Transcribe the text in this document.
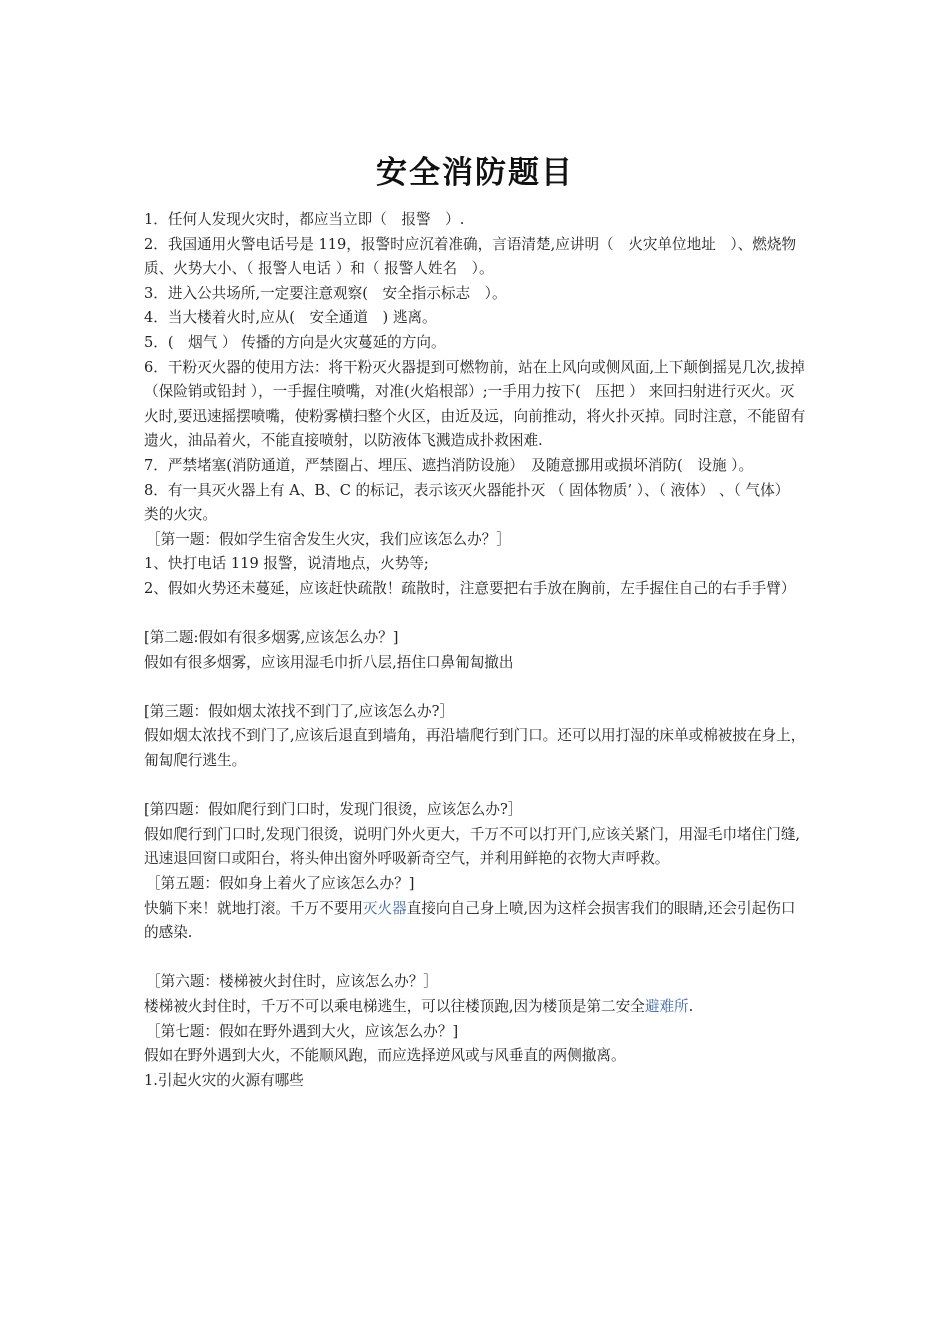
安全消防题目

1．任何人发现火灾时，都应当立即（　报警　）.

2．我国通用火警电话号是 119，报警时应沉着准确，言语清楚,应讲明（　火灾单位地址　）、燃烧物质、火势大小、（ 报警人电话 ）和（ 报警人姓名　）。

3．进入公共场所,一定要注意观察(　安全指示标志　）。

4．当大楼着火时,应从(　安全通道　) 逃离。

5．(　烟气 ） 传播的方向是火灾蔓延的方向。

6．干粉灭火器的使用方法：将干粉灭火器提到可燃物前，站在上风向或侧风面,上下颠倒摇晃几次,拔掉（保险销或铅封 ），一手握住喷嘴，对准(火焰根部）;一手用力按下(　压把 ） 来回扫射进行灭火。灭火时,要迅速摇摆喷嘴，使粉雾横扫整个火区，由近及远，向前推动，将火扑灭掉。同时注意，不能留有遗火，油品着火，不能直接喷射，以防液体飞溅造成扑救困难.

7．严禁堵塞(消防通道，严禁圈占、埋压、遮挡消防设施）　及随意挪用或损坏消防(　设施 ）。

8．有一具灭火器上有 A、B、C 的标记，表示该灭火器能扑灭 （ 固体物质’ ）、（ 液体） 、（ 气体） 类的火灾。

［第一题：假如学生宿舍发生火灾，我们应该怎么办？］

1、快打电话 119 报警，说清地点，火势等;

2、假如火势还未蔓延，应该赶快疏散！疏散时，注意要把右手放在胸前，左手握住自己的右手手臂）

[第二题:假如有很多烟雾,应该怎么办？]

假如有很多烟雾，应该用湿毛巾折八层,捂住口鼻匍匐撤出

[第三题：假如烟太浓找不到门了,应该怎么办?］

假如烟太浓找不到门了,应该后退直到墙角，再沿墙爬行到门口。还可以用打湿的床单或棉被披在身上，匍匐爬行逃生。

[第四题：假如爬行到门口时，发现门很烫，应该怎么办?］

假如爬行到门口时,发现门很烫，说明门外火更大，千万不可以打开门,应该关紧门，用湿毛巾堵住门缝,迅速退回窗口或阳台，将头伸出窗外呼吸新奇空气，并利用鲜艳的衣物大声呼救。

［第五题：假如身上着火了应该怎么办？]

快躺下来！就地打滚。千万不要用灭火器直接向自己身上喷,因为这样会损害我们的眼睛,还会引起伤口的感染.

［第六题：楼梯被火封住时，应该怎么办？］

楼梯被火封住时，千万不可以乘电梯逃生，可以往楼顶跑,因为楼顶是第二安全避难所.

［第七题：假如在野外遇到大火，应该怎么办？]

假如在野外遇到大火，不能顺风跑，而应选择逆风或与风垂直的两侧撤离。

1.引起火灾的火源有哪些
